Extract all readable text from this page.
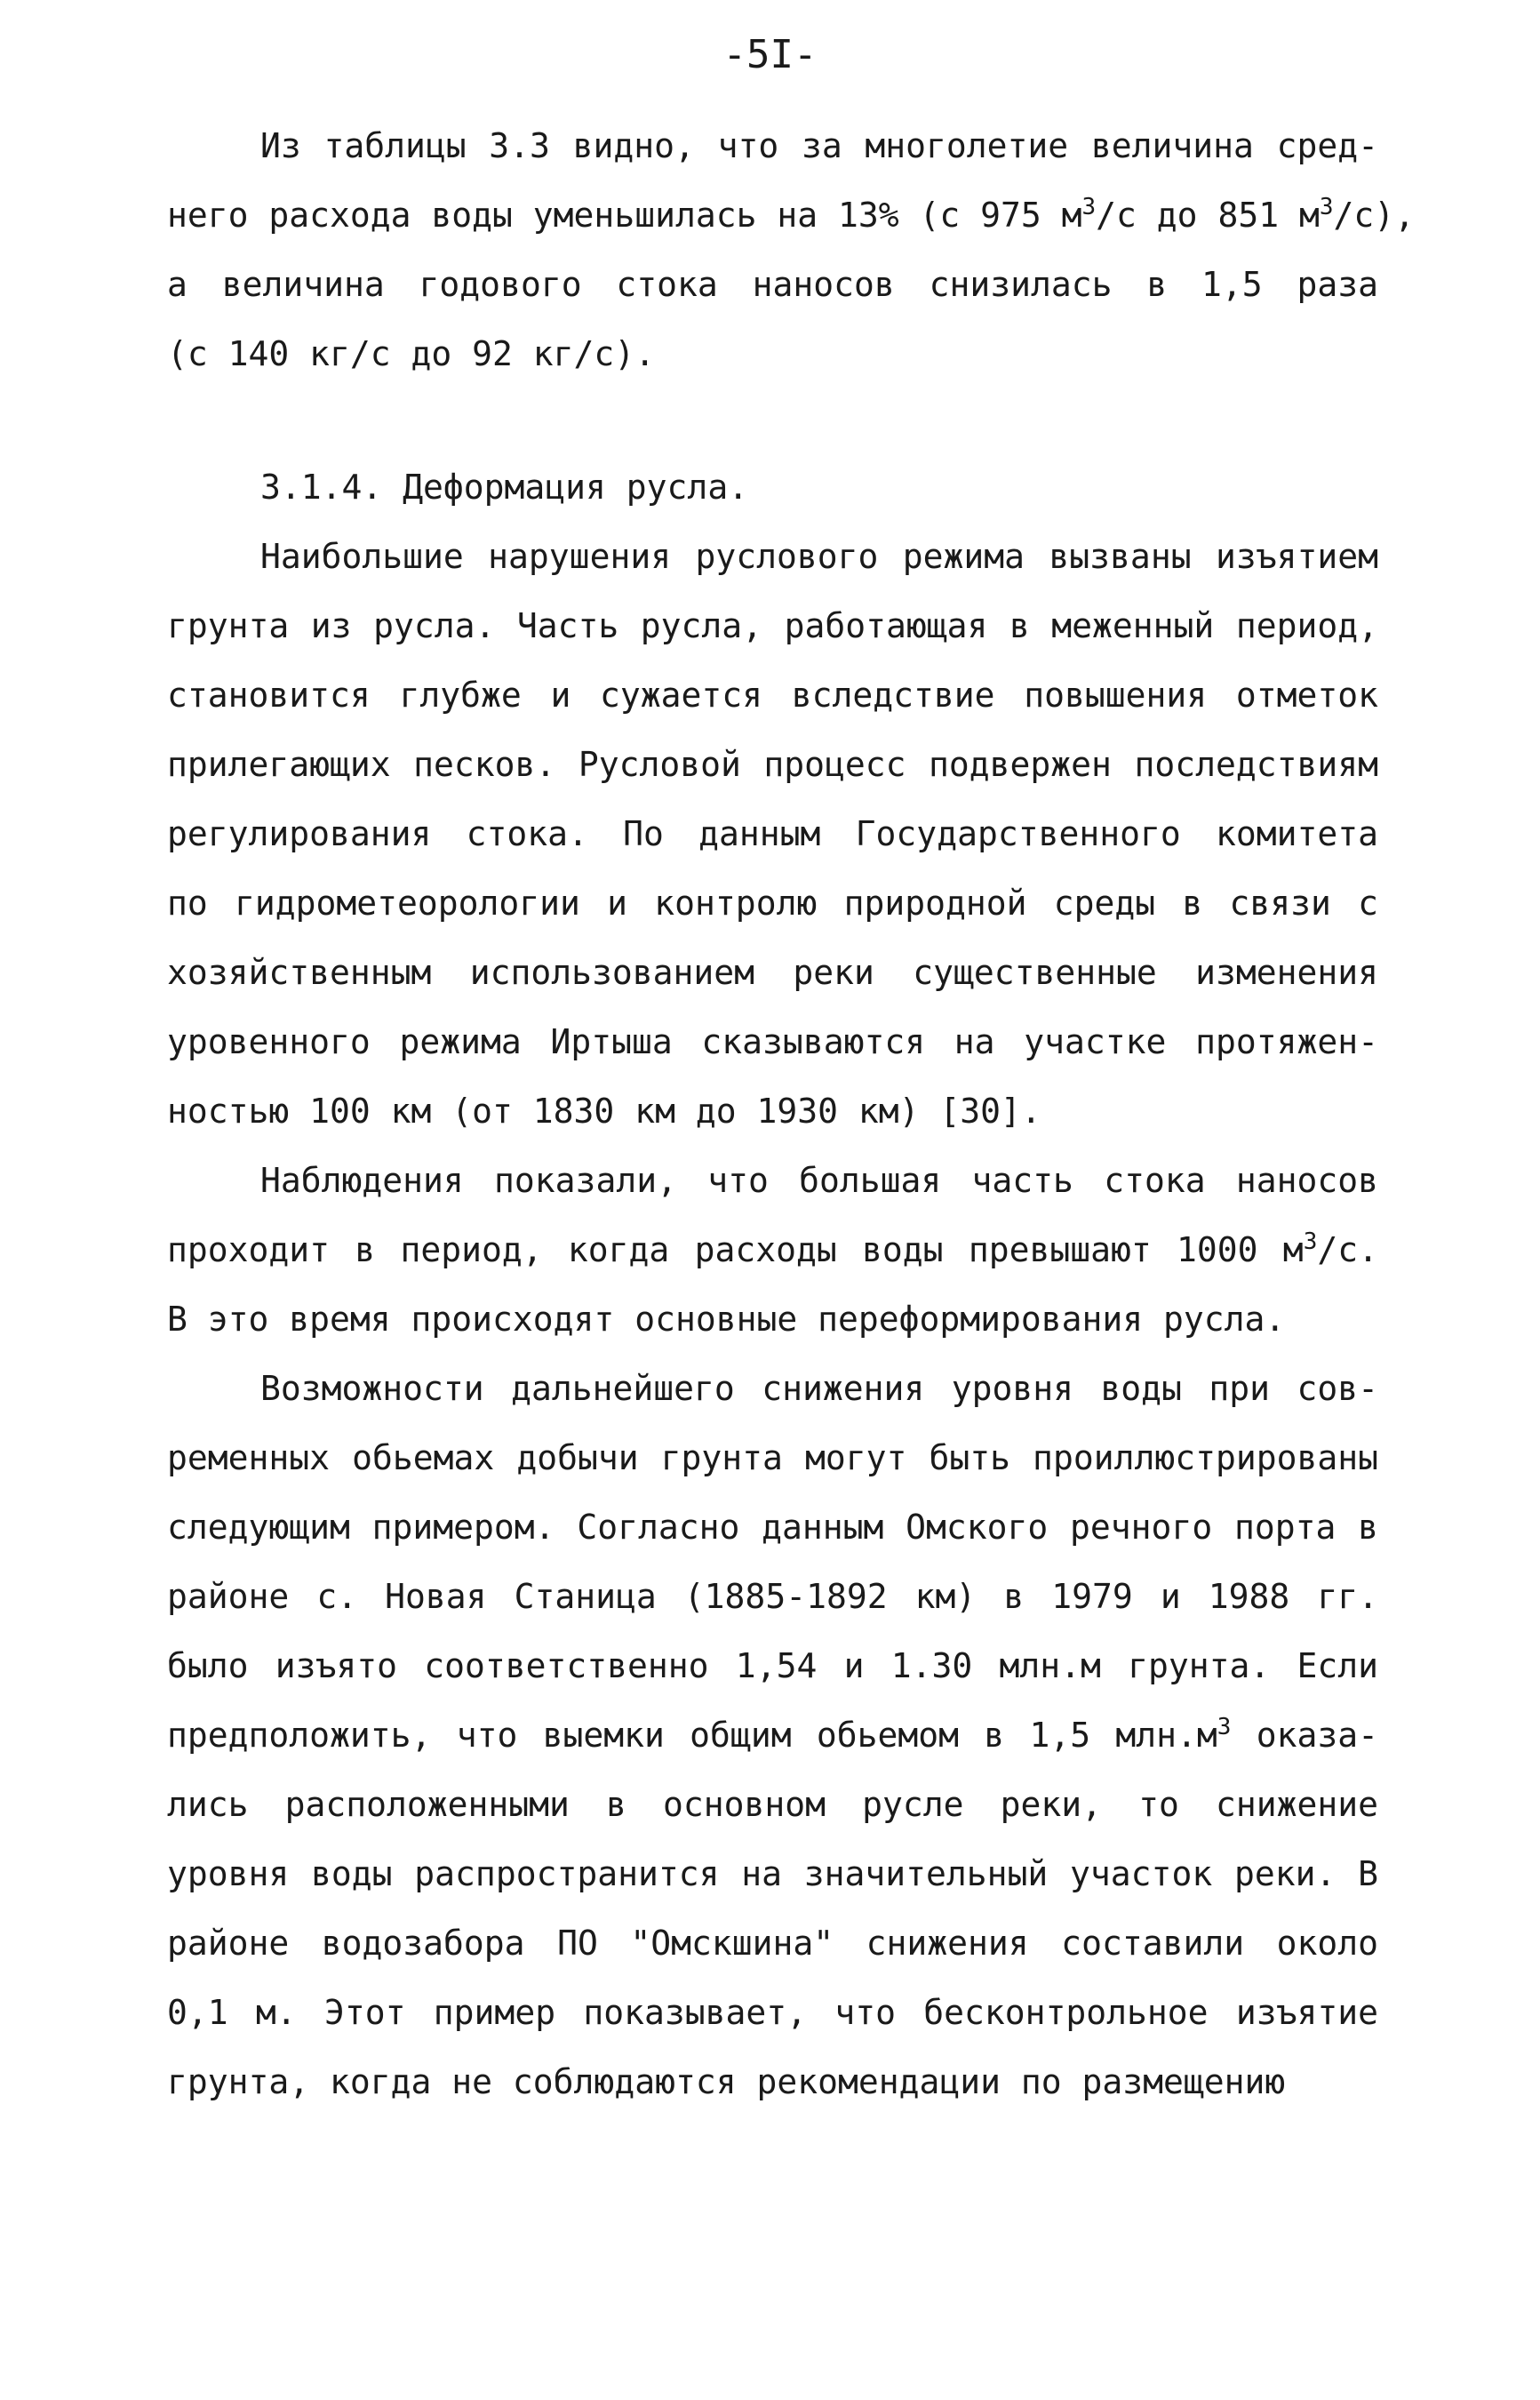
-5I-
Из таблицы 3.3 видно, что за многолетие величина сред-
него расхода воды уменьшилась на 13% (с 975 $м^3/с$ до 851 $м^3/с$),
а величина годового стока наносов снизилась в 1,5 раза
(с 140 кг/с до 92 кг/с).
3.1.4. Деформация русла.
Наибольшие нарушения руслового режима вызваны изъятием
грунта из русла. Часть русла, работающая в меженный период,
становится глубже и сужается вследствие повышения отметок
прилегающих песков. Русловой процесс подвержен последствиям
регулирования стока. По данным Государственного комитета
по гидрометеорологии и контролю природной среды в связи с
хозяйственным использованием реки существенные изменения
уровенного режима Иртыша сказываются на участке протяжен-
ностью 100 км (от 1830 км до 1930 км) [30].
Наблюдения показали, что большая часть стока наносов
проходит в период, когда расходы воды превышают 1000 $м^3/с$.
В это время происходят основные переформирования русла.
Возможности дальнейшего снижения уровня воды при сов-
ременных обьемах добычи грунта могут быть проиллюстрированы
следующим примером. Согласно данным Омского речного порта в
районе с. Новая Станица (1885-1892 км) в 1979 и 1988 гг.
было изъято соответственно 1,54 и 1.30 млн.м грунта. Если
предположить, что выемки общим обьемом в 1,5 $млн.м^3$ оказа-
лись расположенными в основном русле реки, то снижение
уровня воды распространится на значительный участок реки. В
районе водозабора ПО "Омскшина" снижения составили около
0,1 м. Этот пример показывает, что бесконтрольное изъятие
грунта, когда не соблюдаются рекомендации по размещению
